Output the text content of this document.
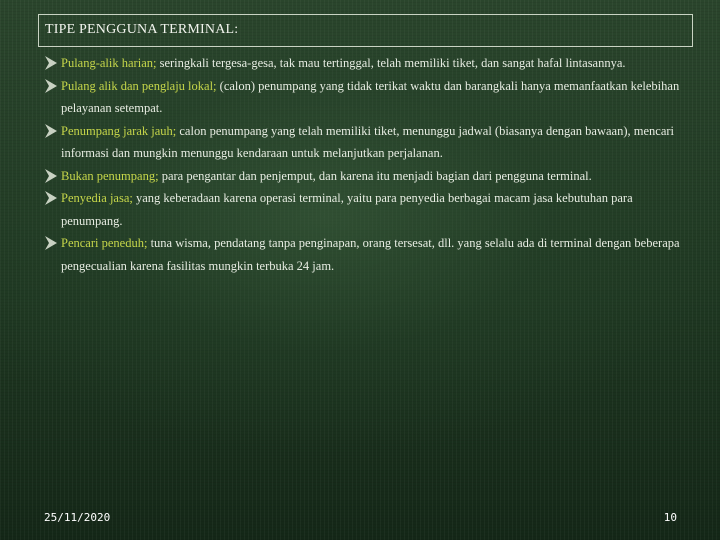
TIPE PENGGUNA TERMINAL:
Pulang-alik harian; seringkali tergesa-gesa, tak mau tertinggal, telah memiliki tiket, dan sangat hafal lintasannya.
Pulang alik dan penglaju lokal; (calon) penumpang yang tidak terikat waktu dan barangkali hanya memanfaatkan kelebihan pelayanan setempat.
Penumpang jarak jauh; calon penumpang yang telah memiliki tiket, menunggu jadwal (biasanya dengan bawaan), mencari informasi dan mungkin menunggu kendaraan untuk melanjutkan perjalanan.
Bukan penumpang; para pengantar dan penjemput, dan karena itu menjadi bagian dari pengguna terminal.
Penyedia jasa; yang keberadaan karena operasi terminal, yaitu para penyedia berbagai macam jasa kebutuhan para penumpang.
Pencari peneduh; tuna wisma, pendatang tanpa penginapan, orang tersesat, dll. yang selalu ada di terminal dengan beberapa pengecualian karena fasilitas mungkin terbuka 24 jam.
25/11/2020	10
